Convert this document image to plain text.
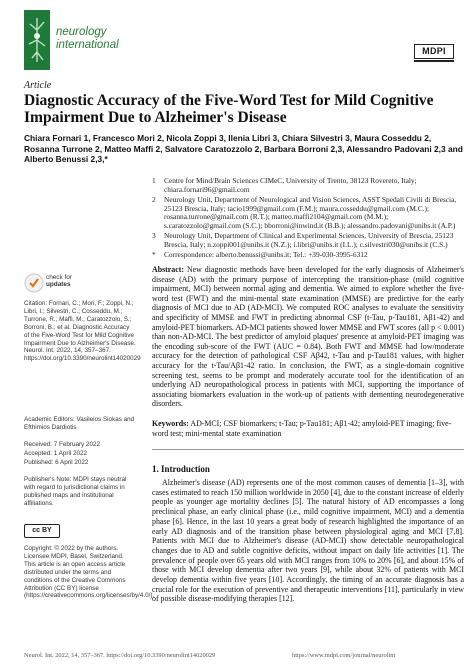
neurology
international	MDPI
Article
Diagnostic Accuracy of the Five-Word Test for Mild Cognitive Impairment Due to Alzheimer's Disease
Chiara Fornari 1, Francesco Mori 2, Nicola Zoppi 3, Ilenia Libri 3, Chiara Silvestri 3, Maura Cosseddu 2, Rosanna Turrone 2, Matteo Maffi 2, Salvatore Caratozzolo 2, Barbara Borroni 2,3, Alessandro Padovani 2,3 and Alberto Benussi 2,3,*
1	Centre for Mind/Brain Sciences CIMeC, University of Trento, 38123 Rovereto, Italy; chiara.fornari96@gmail.com
2	Neurology Unit, Department of Neurological and Vision Sciences, ASST Spedali Civili di Brescia, 25123 Brescia, Italy; tacio1999@gmail.com (F.M.); maura.cosseddu@gmail.com (M.C.); rosanna.turrone@gmail.com (R.T.); matteo.maffi2104@gmail.com (M.M.); s.caratozzolo@gmail.com (S.C.); bborroni@inwind.it (B.B.); alessandro.padovani@unibs.it (A.P.)
3	Neurology Unit, Department of Clinical and Experimental Sciences, University of Brescia, 25123 Brescia, Italy; n.zoppi001@unibs.it (N.Z.); i.libri@unibs.it (I.L.); c.silvestri030@unibs.it (C.S.)
*	Correspondence: alberto.benussi@unibs.it; Tel.: +39-030-3995-6312
Abstract: New diagnostic methods have been developed for the early diagnosis of Alzheimer's disease (AD) with the primary purpose of intercepting the transition-phase (mild cognitive impairment, MCI) between normal aging and dementia. We aimed to explore whether the five-word test (FWT) and the mini-mental state examination (MMSE) are predictive for the early diagnosis of MCI due to AD (AD-MCI). We computed ROC analyses to evaluate the sensitivity and specificity of MMSE and FWT in predicting abnormal CSF (t-Tau, p-Tau181, Aβ1-42) and amyloid-PET biomarkers. AD-MCI patients showed lower MMSE and FWT scores (all p < 0.001) than non-AD-MCI. The best predictor of amyloid plaques' presence at amyloid-PET imaging was the encoding sub-score of the FWT (AUC = 0.84). Both FWT and MMSE had low/moderate accuracy for the detection of pathological CSF Aβ42, t-Tau and p-Tau181 values, with higher accuracy for the t-Tau/Aβ1-42 ratio. In conclusion, the FWT, as a single-domain cognitive screening test, seems to be prompt and moderately accurate tool for the identification of an underlying AD neuropathological process in patients with MCI, supporting the importance of associating biomarkers evaluation in the work-up of patients with dementing neurodegenerative disorders.
Keywords: AD-MCI; CSF biomarkers; t-Tau; p-Tau181; Aβ1-42; amyloid-PET imaging; five-word test; mini-mental state examination
check for
updates
Citation: Fornari, C.; Mori, F.; Zoppi, N.; Libri, I.; Silvestri, C.; Cosseddu, M.; Turrone, R.; Maffi, M.; Caratozzolo, S.; Borroni, B.; et al. Diagnostic Accuracy of the Five-Word Test for Mild Cognitive Impairment Due to Alzheimer's Disease. Neurol. Int. 2022, 14, 357–367. https://doi.org/10.3390/neurolint14020029
Academic Editors: Vasileios Siokas and Efthimios Dardiotis
Received: 7 February 2022
Accepted: 1 April 2022
Published: 6 April 2022
Publisher's Note: MDPI stays neutral with regard to jurisdictional claims in published maps and institutional affiliations.
cc BY
Copyright: © 2022 by the authors. Licensee MDPI, Basel, Switzerland. This article is an open access article distributed under the terms and conditions of the Creative Commons Attribution (CC BY) license (https://creativecommons.org/licenses/by/4.0/).
1. Introduction
Alzheimer's disease (AD) represents one of the most common causes of dementia [1–3], with cases estimated to reach 150 million worldwide in 2050 [4], due to the constant increase of elderly people as younger age mortality declines [5]. The natural history of AD encompasses a long preclinical phase, an early clinical phase (i.e., mild cognitive impairment, MCI) and a dementia phase [6]. Hence, in the last 10 years a great body of research highlighted the importance of an early AD diagnosis and of the transition phase between physiological aging and MCI [7,8]. Patients with MCI due to Alzheimer's disease (AD-MCI) show detectable neuropathological changes due to AD and subtle cognitive deficits, without impact on daily life activities [1]. The prevalence of people over 65 years old with MCI ranges from 10% to 20% [6], and about 15% of those with MCI develop dementia after two years [9], while about 32% of patients with MCI develop dementia within five years [10]. Accordingly, the timing of an accurate diagnosis has a crucial role for the execution of preventive and therapeutic interventions [11], particularly in view of possible disease-modifying therapies [12].
Neurol. Int. 2022, 14, 357–367. https://doi.org/10.3390/neurolint14020029	https://www.mdpi.com/journal/neurolint
